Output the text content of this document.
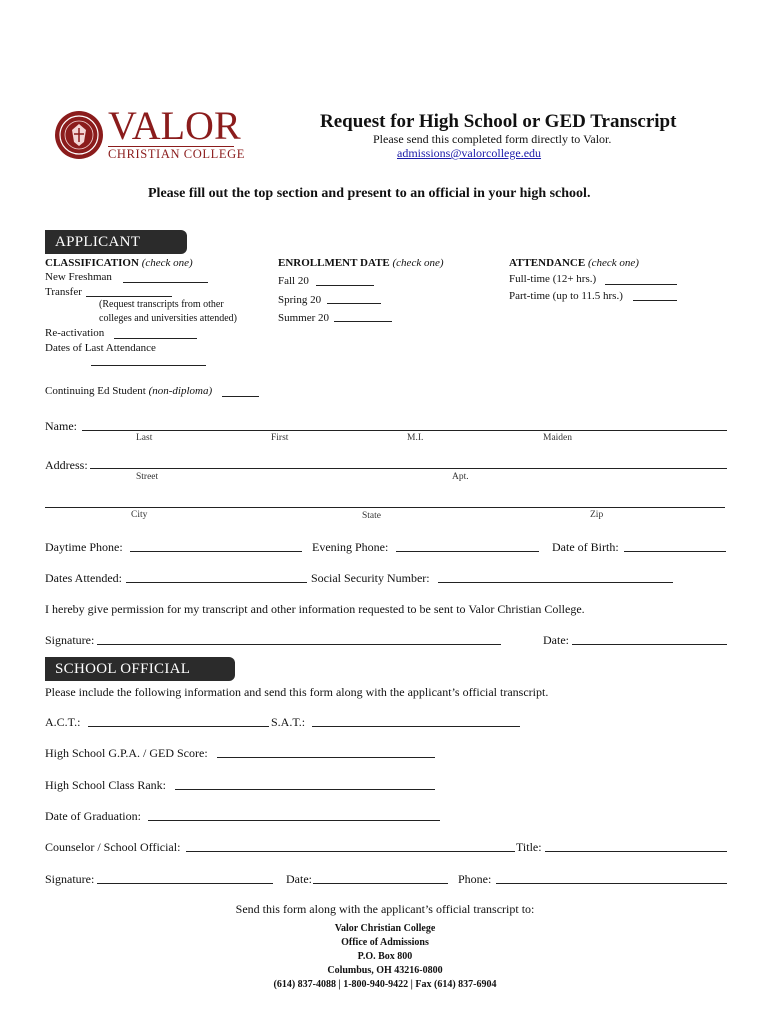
VALOR
CHRISTIAN COLLEGE
Request for High School or GED Transcript
Please send this completed form directly to Valor.
admissions@valorcollege.edu
Please fill out the top section and present to an official in your high school.
APPLICANT
CLASSIFICATION (check one)
New Freshman
Transfer
(Request transcripts from other
colleges and universities attended)
Re-activation
Dates of Last Attendance
ENROLLMENT DATE (check one)
Fall 20
Spring 20
Summer 20
ATTENDANCE (check one)
Full-time (12+ hrs.)
Part-time (up to 11.5 hrs.)
Continuing Ed Student (non-diploma)
Name:
Last	First	M.I.	Maiden
Address:
Street	Apt.
City	State	Zip
Daytime Phone:	Evening Phone:	Date of Birth:
Dates Attended:	Social Security Number:
I hereby give permission for my transcript and other information requested to be sent to Valor Christian College.
Signature:	Date:
SCHOOL OFFICIAL
Please include the following information and send this form along with the applicant’s official transcript.
A.C.T.:	S.A.T.:
High School G.P.A. / GED Score:
High School Class Rank:
Date of Graduation:
Counselor / School Official:	Title:
Signature:	Date:	Phone:
Send this form along with the applicant’s official transcript to:
Valor Christian College
Office of Admissions
P.O. Box 800
Columbus, OH 43216-0800
(614) 837-4088 | 1-800-940-9422 | Fax (614) 837-6904
